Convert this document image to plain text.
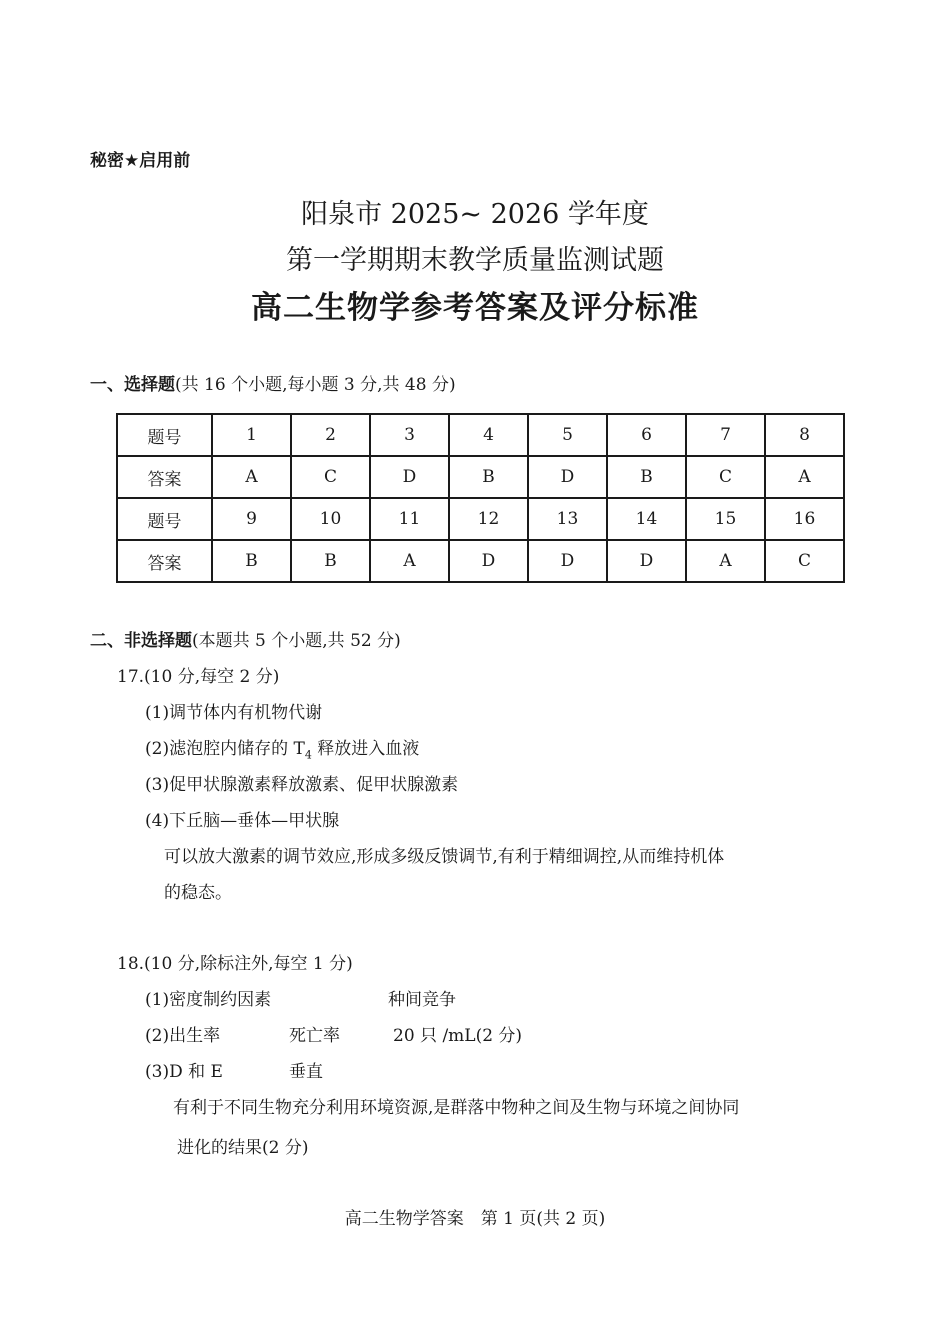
秘密★启用前
阳泉市 2025~ 2026 学年度
第一学期期末教学质量监测试题
高二生物学参考答案及评分标准
一、选择题(共 16 个小题,每小题 3 分,共 48 分)
题号	1	2	3	4	5	6	7	8
答案	A	C	D	B	D	B	C	A
题号	9	10	11	12	13	14	15	16
答案	B	B	A	D	D	D	A	C
二、非选择题(本题共 5 个小题,共 52 分)
17.(10 分,每空 2 分)
(1)调节体内有机物代谢
(2)滤泡腔内储存的 $T_4$ 释放进入血液
(3)促甲状腺激素释放激素、促甲状腺激素
(4)下丘脑—垂体—甲状腺
可以放大激素的调节效应,形成多级反馈调节,有利于精细调控,从而维持机体
的稳态。
18.(10 分,除标注外,每空 1 分)
(1)密度制约因素	种间竞争
(2)出生率	死亡率	20 只 /mL(2 分)
(3)D 和 E	垂直
有利于不同生物充分利用环境资源,是群落中物种之间及生物与环境之间协同
进化的结果(2 分)
高二生物学答案　第 1 页(共 2 页)
